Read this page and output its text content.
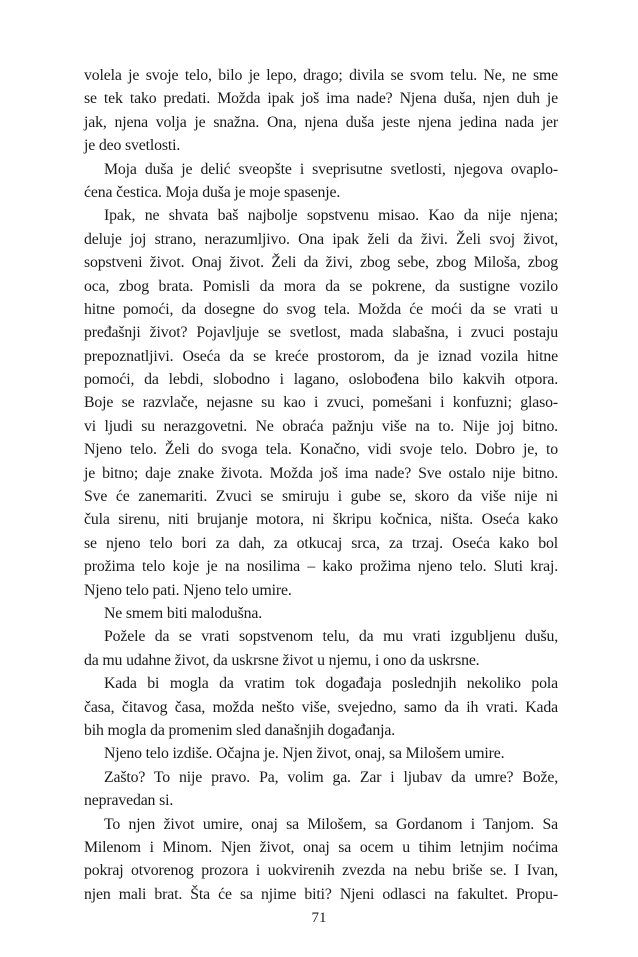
volela je svoje telo, bilo je lepo, drago; divila se svom telu. Ne, ne sme
se tek tako predati. Možda ipak još ima nade? Njena duša, njen duh je
jak, njena volja je snažna. Ona, njena duša jeste njena jedina nada jer
je deo svetlosti.
Moja duša je delić sveopšte i sveprisutne svetlosti, njegova ovaplo-
ćena čestica. Moja duša je moje spasenje.
Ipak, ne shvata baš najbolje sopstvenu misao. Kao da nije njena;
deluje joj strano, nerazumljivo. Ona ipak želi da živi. Želi svoj život,
sopstveni život. Onaj život. Želi da živi, zbog sebe, zbog Miloša, zbog
oca, zbog brata. Pomisli da mora da se pokrene, da sustigne vozilo
hitne pomoći, da dosegne do svog tela. Možda će moći da se vrati u
pređašnji život? Pojavljuje se svetlost, mada slabašna, i zvuci postaju
prepoznatljivi. Oseća da se kreće prostorom, da je iznad vozila hitne
pomoći, da lebdi, slobodno i lagano, oslobođena bilo kakvih otpora.
Boje se razvlače, nejasne su kao i zvuci, pomešani i konfuzni; glaso-
vi ljudi su nerazgovetni. Ne obraća pažnju više na to. Nije joj bitno.
Njeno telo. Želi do svoga tela. Konačno, vidi svoje telo. Dobro je, to
je bitno; daje znake života. Možda još ima nade? Sve ostalo nije bitno.
Sve će zanemariti. Zvuci se smiruju i gube se, skoro da više nije ni
čula sirenu, niti brujanje motora, ni škripu kočnica, ništa. Oseća kako
se njeno telo bori za dah, za otkucaj srca, za trzaj. Oseća kako bol
prožima telo koje je na nosilima – kako prožima njeno telo. Sluti kraj.
Njeno telo pati. Njeno telo umire.
Ne smem biti malodušna.
Požele da se vrati sopstvenom telu, da mu vrati izgubljenu dušu,
da mu udahne život, da uskrsne život u njemu, i ono da uskrsne.
Kada bi mogla da vratim tok događaja poslednjih nekoliko pola
časa, čitavog časa, možda nešto više, svejedno, samo da ih vrati. Kada
bih mogla da promenim sled današnjih događanja.
Njeno telo izdiše. Očajna je. Njen život, onaj, sa Milošem umire.
Zašto? To nije pravo. Pa, volim ga. Zar i ljubav da umre? Bože,
nepravedan si.
To njen život umire, onaj sa Milošem, sa Gordanom i Tanjom. Sa
Milenom i Minom. Njen život, onaj sa ocem u tihim letnjim noćima
pokraj otvorenog prozora i uokvirenih zvezda na nebu briše se. I Ivan,
njen mali brat. Šta će sa njime biti? Njeni odlasci na fakultet. Propu-
71
